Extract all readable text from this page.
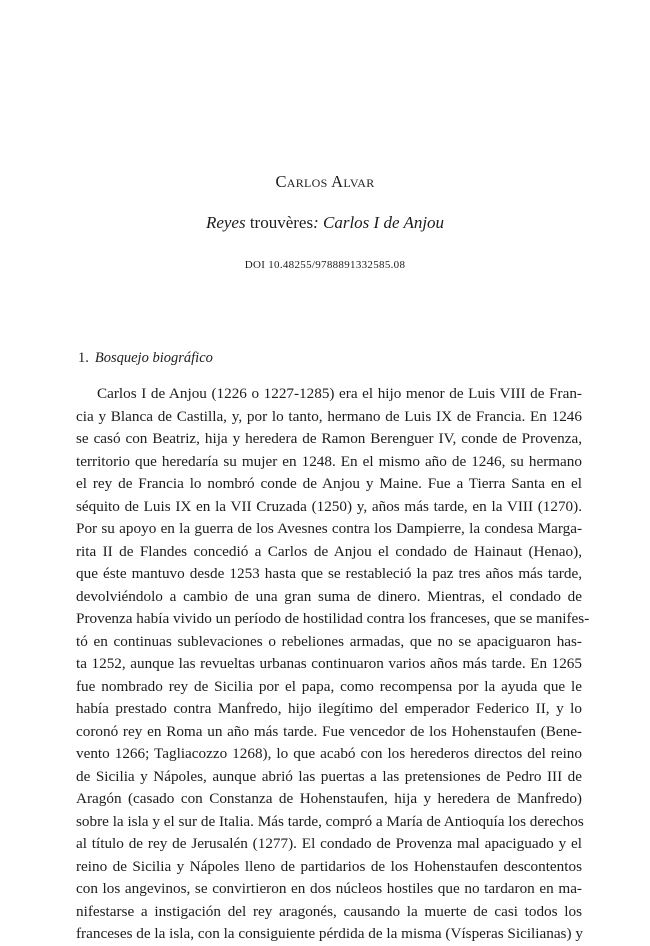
Carlos Alvar
Reyes trouvères: Carlos I de Anjou
DOI 10.48255/9788891332585.08
1. Bosquejo biográfico
Carlos I de Anjou (1226 o 1227-1285) era el hijo menor de Luis VIII de Fran-
cia y Blanca de Castilla, y, por lo tanto, hermano de Luis IX de Francia. En 1246
se casó con Beatriz, hija y heredera de Ramon Berenguer IV, conde de Provenza,
territorio que heredaría su mujer en 1248. En el mismo año de 1246, su hermano
el rey de Francia lo nombró conde de Anjou y Maine. Fue a Tierra Santa en el
séquito de Luis IX en la VII Cruzada (1250) y, años más tarde, en la VIII (1270).
Por su apoyo en la guerra de los Avesnes contra los Dampierre, la condesa Marga-
rita II de Flandes concedió a Carlos de Anjou el condado de Hainaut (Henao),
que éste mantuvo desde 1253 hasta que se restableció la paz tres años más tarde,
devolviéndolo a cambio de una gran suma de dinero. Mientras, el condado de
Provenza había vivido un período de hostilidad contra los franceses, que se manifes-
tó en continuas sublevaciones o rebeliones armadas, que no se apaciguaron has-
ta 1252, aunque las revueltas urbanas continuaron varios años más tarde. En 1265
fue nombrado rey de Sicilia por el papa, como recompensa por la ayuda que le
había prestado contra Manfredo, hijo ilegítimo del emperador Federico II, y lo
coronó rey en Roma un año más tarde. Fue vencedor de los Hohenstaufen (Bene-
vento 1266; Tagliacozzo 1268), lo que acabó con los herederos directos del reino
de Sicilia y Nápoles, aunque abrió las puertas a las pretensiones de Pedro III de
Aragón (casado con Constanza de Hohenstaufen, hija y heredera de Manfredo)
sobre la isla y el sur de Italia. Más tarde, compró a María de Antioquía los derechos
al título de rey de Jerusalén (1277). El condado de Provenza mal apaciguado y el
reino de Sicilia y Nápoles lleno de partidarios de los Hohenstaufen descontentos
con los angevinos, se convirtieron en dos núcleos hostiles que no tardaron en ma-
nifestarse a instigación del rey aragonés, causando la muerte de casi todos los
franceses de la isla, con la consiguiente pérdida de la misma (Vísperas Sicilianas) y
